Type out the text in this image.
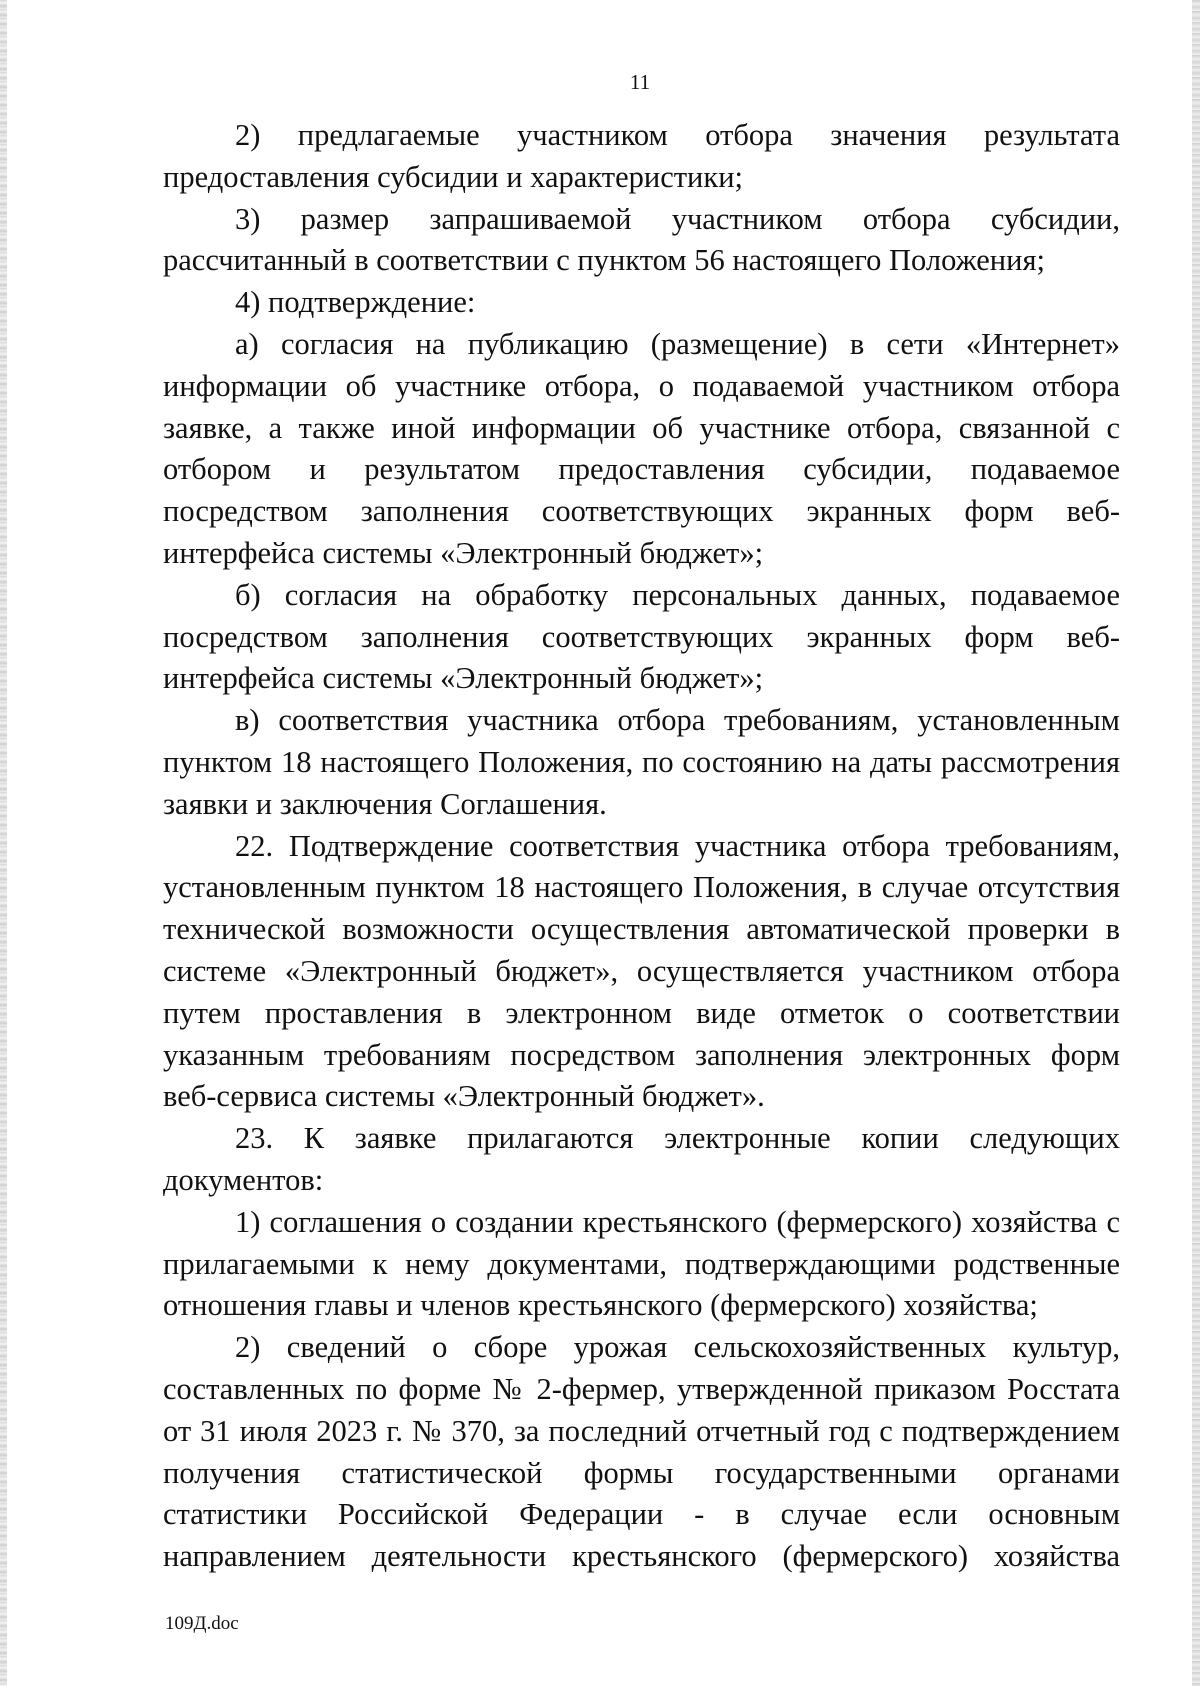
11

2) предлагаемые участником отбора значения результата предоставления субсидии и характеристики;

3) размер запрашиваемой участником отбора субсидии, рассчитанный в соответствии с пунктом 56 настоящего Положения;

4) подтверждение:

а) согласия на публикацию (размещение) в сети «Интернет» информации об участнике отбора, о подаваемой участником отбора заявке, а также иной информации об участнике отбора, связанной с отбором и результатом предоставления субсидии, подаваемое посредством заполнения соответствующих экранных форм веб-интерфейса системы «Электронный бюджет»;

б) согласия на обработку персональных данных, подаваемое посредством заполнения соответствующих экранных форм веб-интерфейса системы «Электронный бюджет»;

в) соответствия участника отбора требованиям, установленным пунктом 18 настоящего Положения, по состоянию на даты рассмотрения заявки и заключения Соглашения.

22. Подтверждение соответствия участника отбора требованиям, установленным пунктом 18 настоящего Положения, в случае отсутствия технической возможности осуществления автоматической проверки в системе «Электронный бюджет», осуществляется участником отбора путем проставления в электронном виде отметок о соответствии указанным требованиям посредством заполнения электронных форм веб-сервиса системы «Электронный бюджет».

23. К заявке прилагаются электронные копии следующих документов:

1) соглашения о создании крестьянского (фермерского) хозяйства с прилагаемыми к нему документами, подтверждающими родственные отношения главы и членов крестьянского (фермерского) хозяйства;

2) сведений о сборе урожая сельскохозяйственных культур, составленных по форме № 2-фермер, утвержденной приказом Росстата от 31 июля 2023 г. № 370, за последний отчетный год с подтверждением получения статистической формы государственными органами статистики Российской Федерации - в случае если основным направлением деятельности крестьянского (фермерского) хозяйства

109Д.doc
